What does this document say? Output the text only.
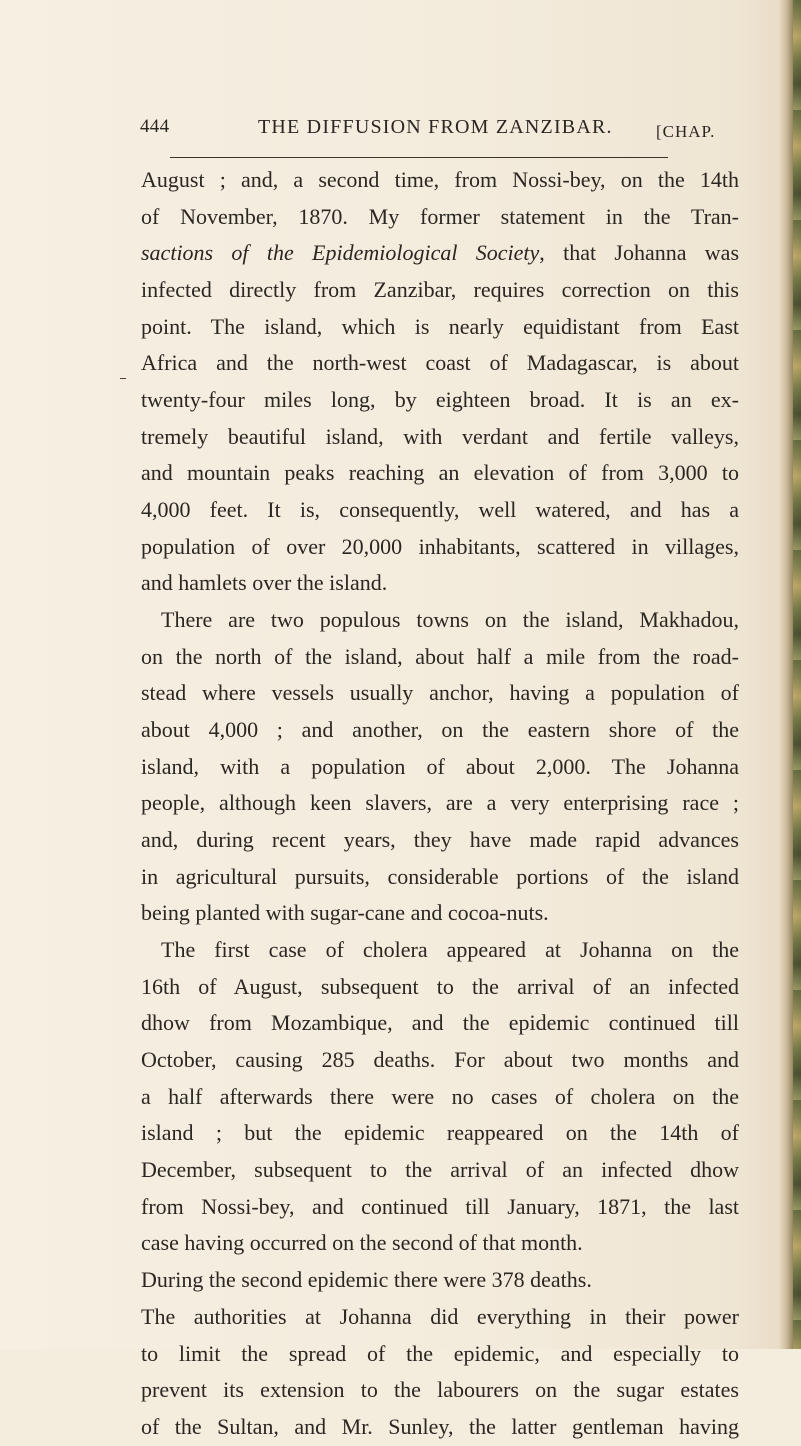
444	THE DIFFUSION FROM ZANZIBAR.	[CHAP.
August ; and, a second time, from Nossi-bey, on the 14th
of November, 1870. My former statement in the Tran-
sactions of the Epidemiological Society, that Johanna was
infected directly from Zanzibar, requires correction on this
point. The island, which is nearly equidistant from East
Africa and the north-west coast of Madagascar, is about
twenty-four miles long, by eighteen broad. It is an ex-
tremely beautiful island, with verdant and fertile valleys,
and mountain peaks reaching an elevation of from 3,000 to
4,000 feet. It is, consequently, well watered, and has a
population of over 20,000 inhabitants, scattered in villages,
and hamlets over the island.
There are two populous towns on the island, Makhadou,
on the north of the island, about half a mile from the road-
stead where vessels usually anchor, having a population of
about 4,000 ; and another, on the eastern shore of the
island, with a population of about 2,000. The Johanna
people, although keen slavers, are a very enterprising race ;
and, during recent years, they have made rapid advances
in agricultural pursuits, considerable portions of the island
being planted with sugar-cane and cocoa-nuts.
The first case of cholera appeared at Johanna on the
16th of August, subsequent to the arrival of an infected
dhow from Mozambique, and the epidemic continued till
October, causing 285 deaths. For about two months and
a half afterwards there were no cases of cholera on the
island ; but the epidemic reappeared on the 14th of
December, subsequent to the arrival of an infected dhow
from Nossi-bey, and continued till January, 1871, the last
case having occurred on the second of that month.
During the second epidemic there were 378 deaths.
The authorities at Johanna did everything in their power
to limit the spread of the epidemic, and especially to
prevent its extension to the labourers on the sugar estates
of the Sultan, and Mr. Sunley, the latter gentleman having
